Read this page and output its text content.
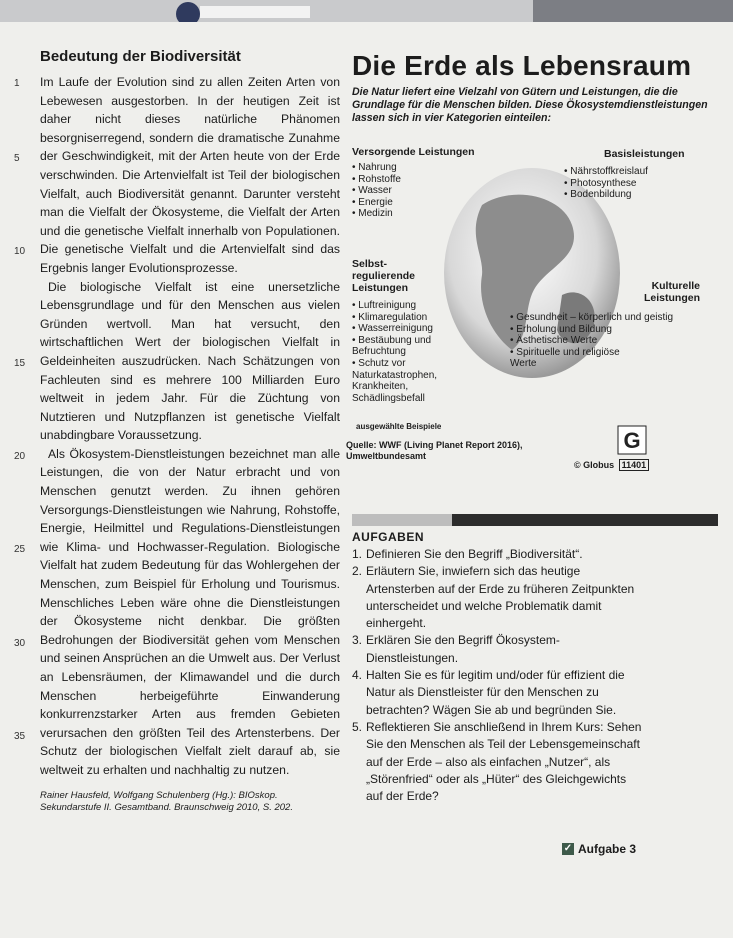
Bedeutung der Biodiversität
1
5
10
15
20
25
30
35

Im Laufe der Evolution sind zu allen Zeiten Arten von Lebewesen ausgestorben. In der heutigen Zeit ist daher nicht dieses natürliche Phänomen besorgniserregend, sondern die dramatische Zunahme der Geschwindigkeit, mit der Arten heute von der Erde verschwinden. Die Artenvielfalt ist Teil der biologischen Vielfalt, auch Biodiversität genannt. Darunter versteht man die Vielfalt der Ökosysteme, die Vielfalt der Arten und die genetische Vielfalt innerhalb von Populationen. Die genetische Vielfalt und die Artenvielfalt sind das Ergebnis langer Evolutionsprozesse.

Die biologische Vielfalt ist eine unersetzliche Lebensgrundlage und für den Menschen aus vielen Gründen wertvoll. Man hat versucht, den wirtschaftlichen Wert der biologischen Vielfalt in Geldeinheiten auszudrücken. Nach Schätzungen von Fachleuten sind es mehrere 100 Milliarden Euro weltweit in jedem Jahr. Für die Züchtung von Nutztieren und Nutzpflanzen ist genetische Vielfalt unabdingbare Voraussetzung.

Als Ökosystem-Dienstleistungen bezeichnet man alle Leistungen, die von der Natur erbracht und von Menschen genutzt werden. Zu ihnen gehören Versorgungs-Dienstleistungen wie Nahrung, Rohstoffe, Energie, Heilmittel und Regulations-Dienstleistungen wie Klima- und Hochwasser-Regulation. Biologische Vielfalt hat zudem Bedeutung für das Wohlergehen der Menschen, zum Beispiel für Erholung und Tourismus. Menschliches Leben wäre ohne die Dienstleistungen der Ökosysteme nicht denkbar. Die größten Bedrohungen der Biodiversität gehen vom Menschen und seinen Ansprüchen an die Umwelt aus. Der Verlust an Lebensräumen, der Klimawandel und die durch Menschen herbeigeführte Einwanderung konkurrenzstarker Arten aus fremden Gebieten verursachen den größten Teil des Artensterbens. Der Schutz der biologischen Vielfalt zielt darauf ab, sie weltweit zu erhalten und nachhaltig zu nutzen.

Rainer Hausfeld, Wolfgang Schulenberg (Hg.): BIOskop. Sekundarstufe II. Gesamtband. Braunschweig 2010, S. 202.
Die Erde als Lebensraum
Die Natur liefert eine Vielzahl von Gütern und Leistungen, die die Grundlage für die Menschen bilden. Diese Ökosystemdienstleistungen lassen sich in vier Kategorien einteilen:
Versorgende Leistungen
• Nahrung
• Rohstoffe
• Wasser
• Energie
• Medizin
Basisleistungen
• Nährstoffkreislauf
• Photosynthese
• Bodenbildung
Selbst-
regulierende
Leistungen
• Luftreinigung
• Klimaregulation
• Wasserreinigung
• Bestäubung und Befruchtung
• Schutz vor Naturkatastrophen, Krankheiten, Schädlingsbefall
Kulturelle
Leistungen
• Gesundheit – körperlich und geistig
• Erholung und Bildung
• Ästhetische Werte
• Spirituelle und religiöse Werte
ausgewählte Beispiele
Quelle: WWF (Living Planet Report 2016), Umweltbundesamt
G
© Globus 11401
AUFGABEN
1. Definieren Sie den Begriff „Biodiversität“.
2. Erläutern Sie, inwiefern sich das heutige Artensterben auf der Erde zu früheren Zeitpunkten unterscheidet und welche Problematik damit einhergeht.
3. Erklären Sie den Begriff Ökosystem-Dienstleistungen.
4. Halten Sie es für legitim und/oder für effizient die Natur als Dienstleister für den Menschen zu betrachten? Wägen Sie ab und begründen Sie.
5. Reflektieren Sie anschließend in Ihrem Kurs: Sehen Sie den Menschen als Teil der Lebensgemeinschaft auf der Erde – also als einfachen „Nutzer“, als „Störenfried“ oder als „Hüter“ des Gleichgewichts auf der Erde?
✓ Aufgabe 3
